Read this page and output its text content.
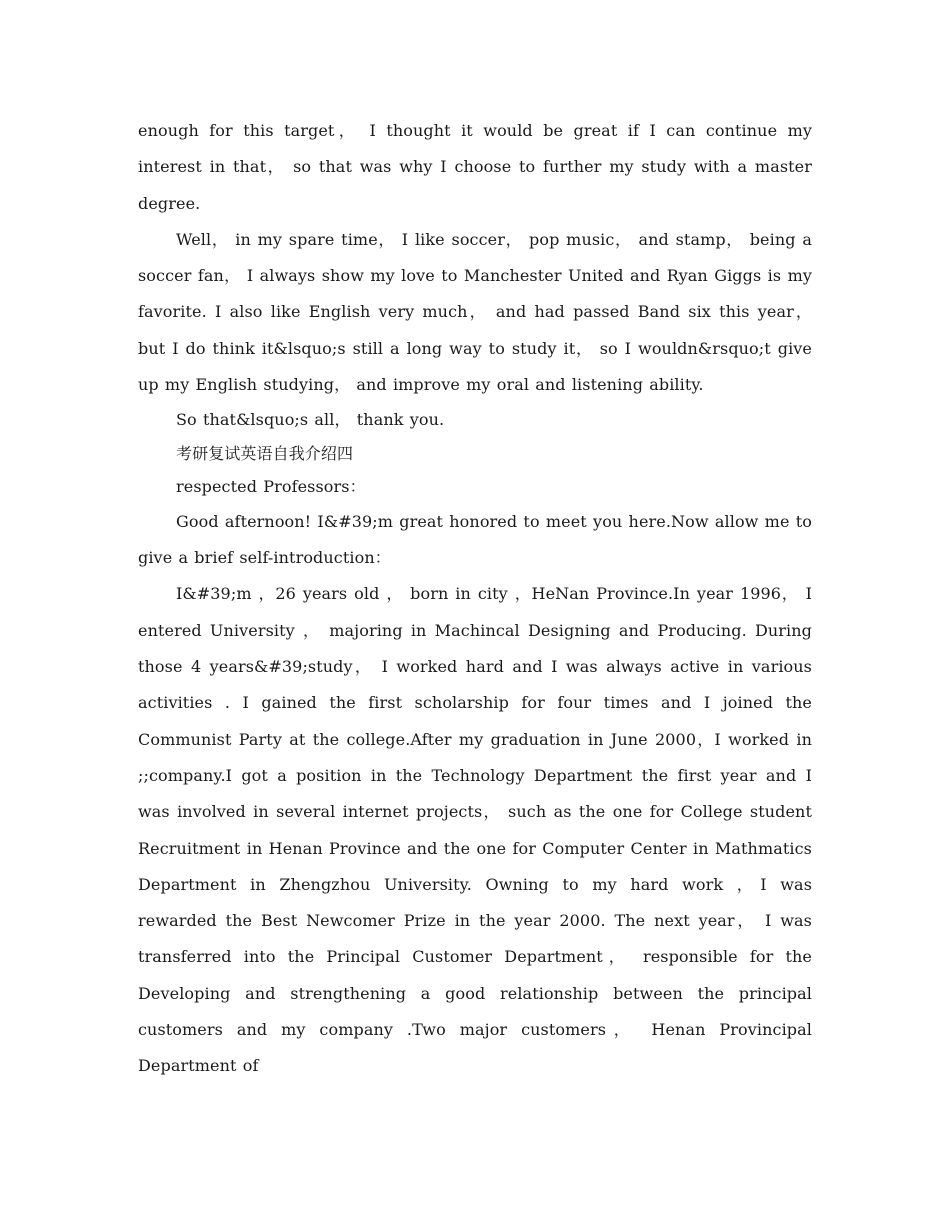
enough for this target， I thought it would be great if I can continue my interest in that， so that was why I choose to further my study with a master degree.

Well， in my spare time， I like soccer， pop music， and stamp， being a soccer fan， I always show my love to Manchester United and Ryan Giggs is my favorite. I also like English very much， and had passed Band six this year， but I do think it&lsquo;s still a long way to study it， so I wouldn&rsquo;t give up my English studying， and improve my oral and listening ability.

So that&lsquo;s all， thank you.

考研复试英语自我介绍四

respected Professors：

Good afternoon! I&#39;m great honored to meet you here.Now allow me to give a brief self-introduction：

I&#39;m ，26 years old ， born in city ，HeNan Province.In year 1996， I entered University ， majoring in Machincal Designing and Producing. During those 4 years&#39;study， I worked hard and I was always active in various activities . I gained the first scholarship for four times and I joined the Communist Party at the college.After my graduation in June 2000，I worked in ;;company.I got a position in the Technology Department the first year and I was involved in several internet projects， such as the one for College student Recruitment in Henan Province and the one for Computer Center in Mathmatics Department in Zhengzhou University. Owning to my hard work ，I was rewarded the Best Newcomer Prize in the year 2000. The next year， I was transferred into the Principal Customer Department， responsible for the Developing and strengthening a good relationship between the principal customers and my company .Two major customers， Henan Provincipal Department of
